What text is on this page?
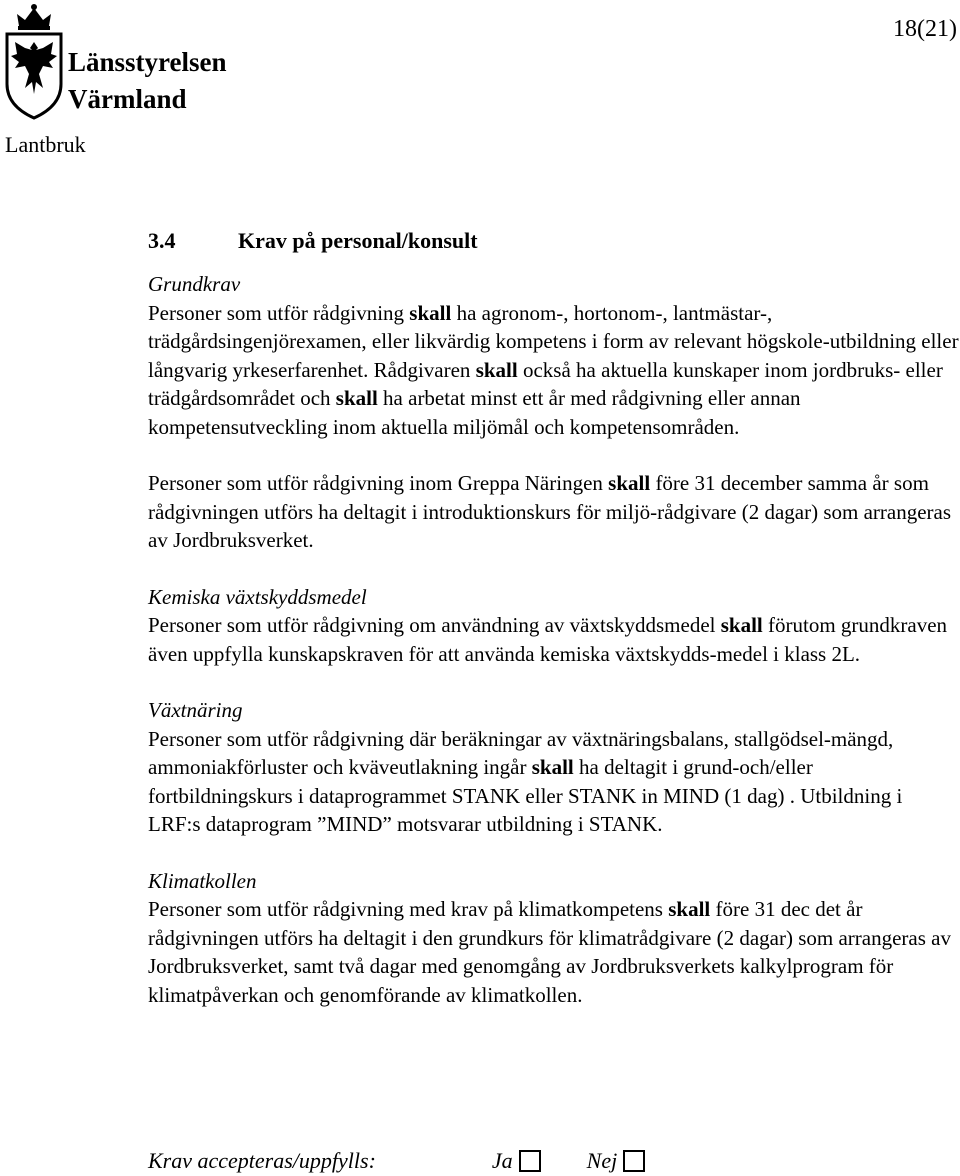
Länsstyrelsen
Värmland
18(21)
Lantbruk
3.4	Krav på personal/konsult

Grundkrav

Personer som utför rådgivning skall ha agronom-, hortonom-, lantmästar-, trädgårdsingenjörexamen, eller likvärdig kompetens i form av relevant högskole-utbildning eller långvarig yrkeserfarenhet. Rådgivaren skall också ha aktuella kunskaper inom jordbruks- eller trädgårdsområdet och skall ha arbetat minst ett år med rådgivning eller annan kompetensutveckling inom aktuella miljömål och kompetensområden.

Personer som utför rådgivning inom Greppa Näringen skall före 31 december samma år som rådgivningen utförs ha deltagit i introduktionskurs för miljö-rådgivare (2 dagar) som arrangeras av Jordbruksverket.

Kemiska växtskyddsmedel

Personer som utför rådgivning om användning av växtskyddsmedel skall förutom grundkraven även uppfylla kunskapskraven för att använda kemiska växtskydds-medel i klass 2L.

Växtnäring

Personer som utför rådgivning där beräkningar av växtnäringsbalans, stallgödsel-mängd, ammoniakförluster och kväveutlakning ingår skall ha deltagit i grund-och/eller fortbildningskurs i dataprogrammet STANK eller STANK in MIND (1 dag) . Utbildning i LRF:s dataprogram ”MIND” motsvarar utbildning i STANK.

Klimatkollen

Personer som utför rådgivning med krav på klimatkompetens skall före 31 dec det år rådgivningen utförs ha deltagit i den grundkurs för klimatrådgivare (2 dagar) som arrangeras av Jordbruksverket, samt två dagar med genomgång av Jordbruksverkets kalkylprogram för klimatpåverkan och genomförande av klimatkollen.

Krav accepteras/uppfylls:	Ja	Nej
